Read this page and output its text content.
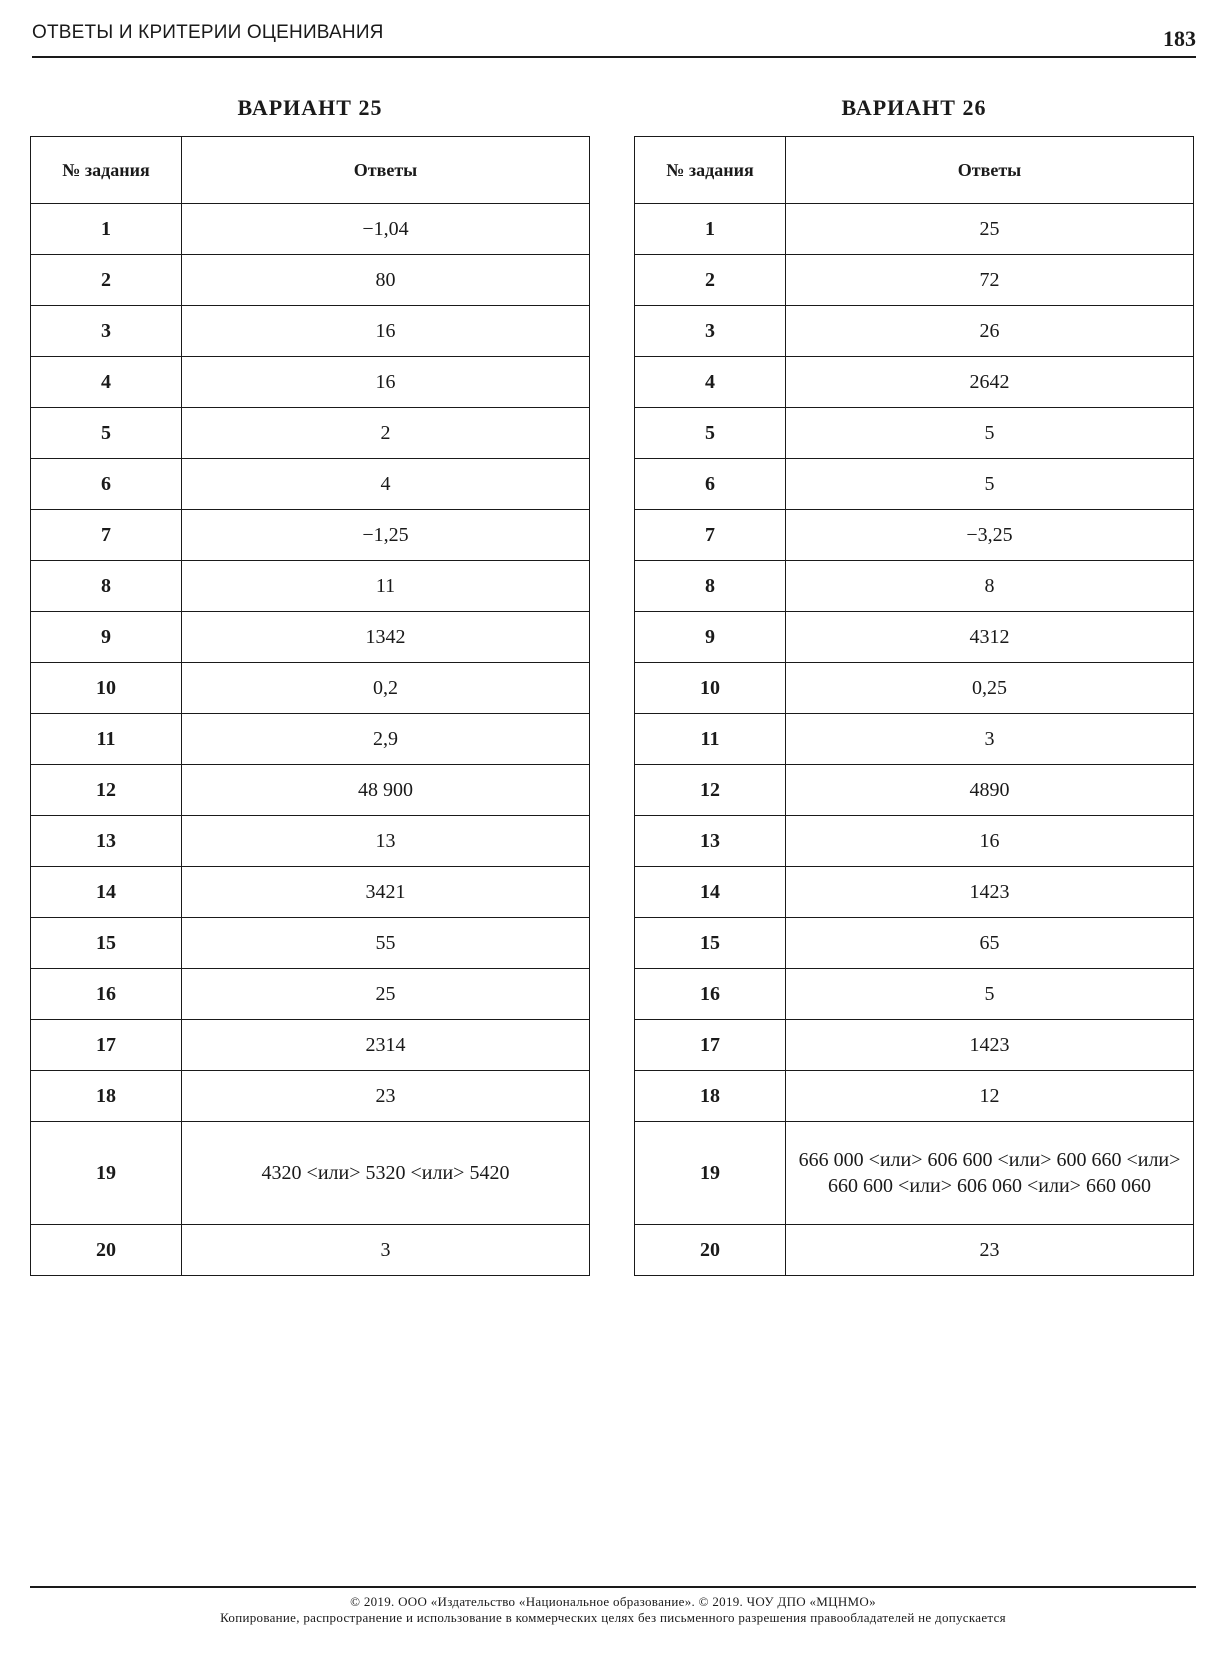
ОТВЕТЫ И КРИТЕРИИ ОЦЕНИВАНИЯ	183
ВАРИАНТ 25
№ задания	Ответы
1	−1,04
2	80
3	16
4	16
5	2
6	4
7	−1,25
8	11
9	1342
10	0,2
11	2,9
12	48 900
13	13
14	3421
15	55
16	25
17	2314
18	23
19	4320 <или> 5320 <или> 5420
20	3
ВАРИАНТ 26
№ задания	Ответы
1	25
2	72
3	26
4	2642
5	5
6	5
7	−3,25
8	8
9	4312
10	0,25
11	3
12	4890
13	16
14	1423
15	65
16	5
17	1423
18	12
19	666 000 <или> 606 600 <или> 600 660 <или> 660 600 <или> 606 060 <или> 660 060
20	23
© 2019. ООО «Издательство «Национальное образование». © 2019. ЧОУ ДПО «МЦНМО»
Копирование, распространение и использование в коммерческих целях без письменного разрешения правообладателей не допускается
